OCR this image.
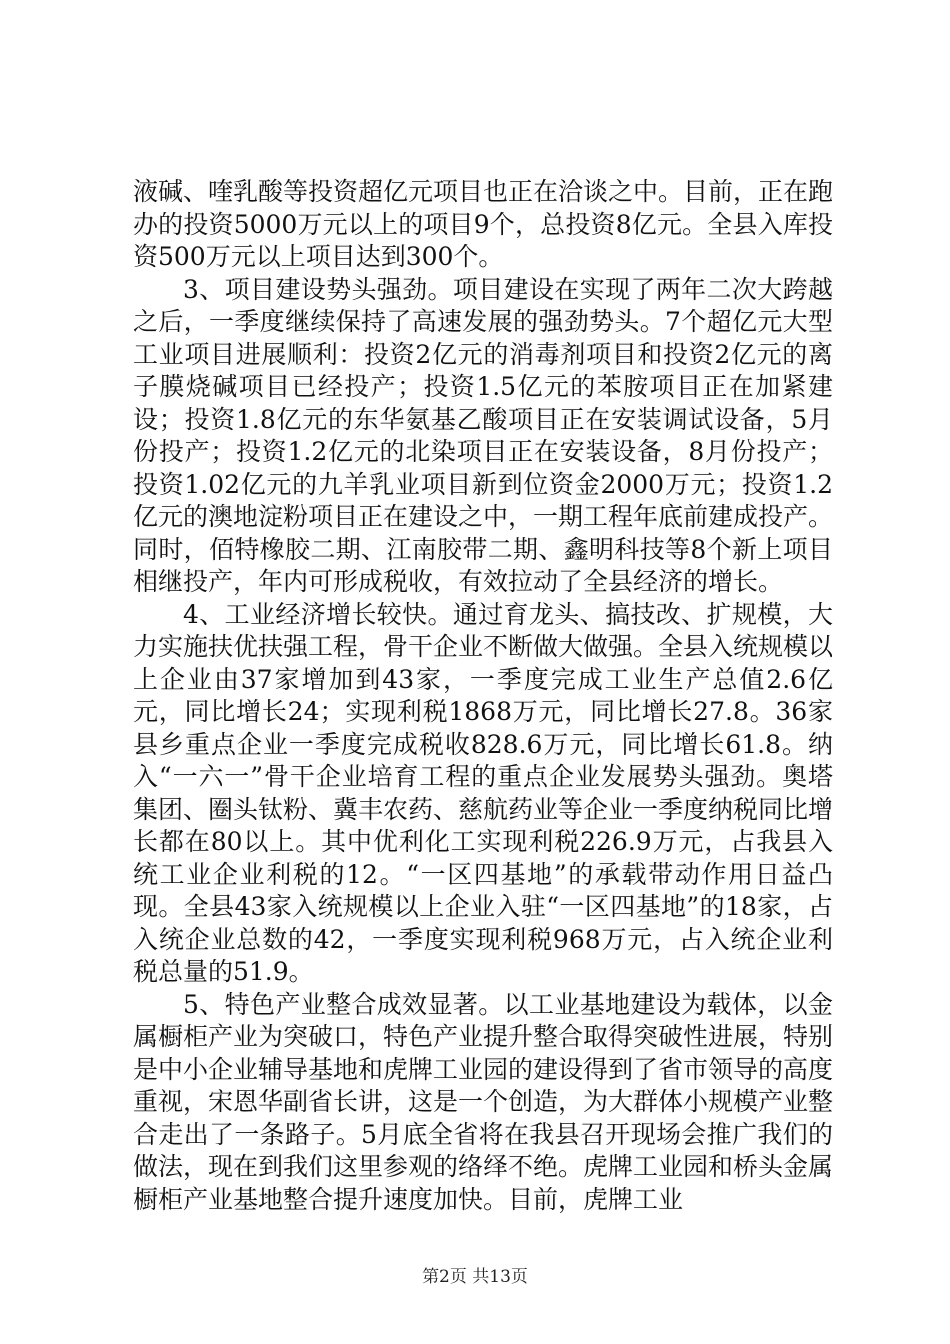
液碱、喹乳酸等投资超亿元项目也正在洽谈之中。目前，正在跑办的投资5000万元以上的项目9个，总投资8亿元。全县入库投资500万元以上项目达到300个。

3、项目建设势头强劲。项目建设在实现了两年二次大跨越之后，一季度继续保持了高速发展的强劲势头。7个超亿元大型工业项目进展顺利：投资2亿元的消毒剂项目和投资2亿元的离子膜烧碱项目已经投产；投资1.5亿元的苯胺项目正在加紧建设；投资1.8亿元的东华氨基乙酸项目正在安装调试设备，5月份投产；投资1.2亿元的北染项目正在安装设备，8月份投产；投资1.02亿元的九羊乳业项目新到位资金2000万元；投资1.2亿元的澳地淀粉项目正在建设之中，一期工程年底前建成投产。同时，佰特橡胶二期、江南胶带二期、鑫明科技等8个新上项目相继投产，年内可形成税收，有效拉动了全县经济的增长。

4、工业经济增长较快。通过育龙头、搞技改、扩规模，大力实施扶优扶强工程，骨干企业不断做大做强。全县入统规模以上企业由37家增加到43家，一季度完成工业生产总值2.6亿元，同比增长24；实现利税1868万元，同比增长27.8。36家县乡重点企业一季度完成税收828.6万元，同比增长61.8。纳入“一六一”骨干企业培育工程的重点企业发展势头强劲。奥塔集团、圈头钛粉、冀丰农药、慈航药业等企业一季度纳税同比增长都在80以上。其中优利化工实现利税226.9万元，占我县入统工业企业利税的12。“一区四基地”的承载带动作用日益凸现。全县43家入统规模以上企业入驻“一区四基地”的18家，占入统企业总数的42，一季度实现利税968万元，占入统企业利税总量的51.9。

5、特色产业整合成效显著。以工业基地建设为载体，以金属橱柜产业为突破口，特色产业提升整合取得突破性进展，特别是中小企业辅导基地和虎牌工业园的建设得到了省市领导的高度重视，宋恩华副省长讲，这是一个创造，为大群体小规模产业整合走出了一条路子。5月底全省将在我县召开现场会推广我们的做法，现在到我们这里参观的络绎不绝。虎牌工业园和桥头金属橱柜产业基地整合提升速度加快。目前，虎牌工业

第2页 共13页
